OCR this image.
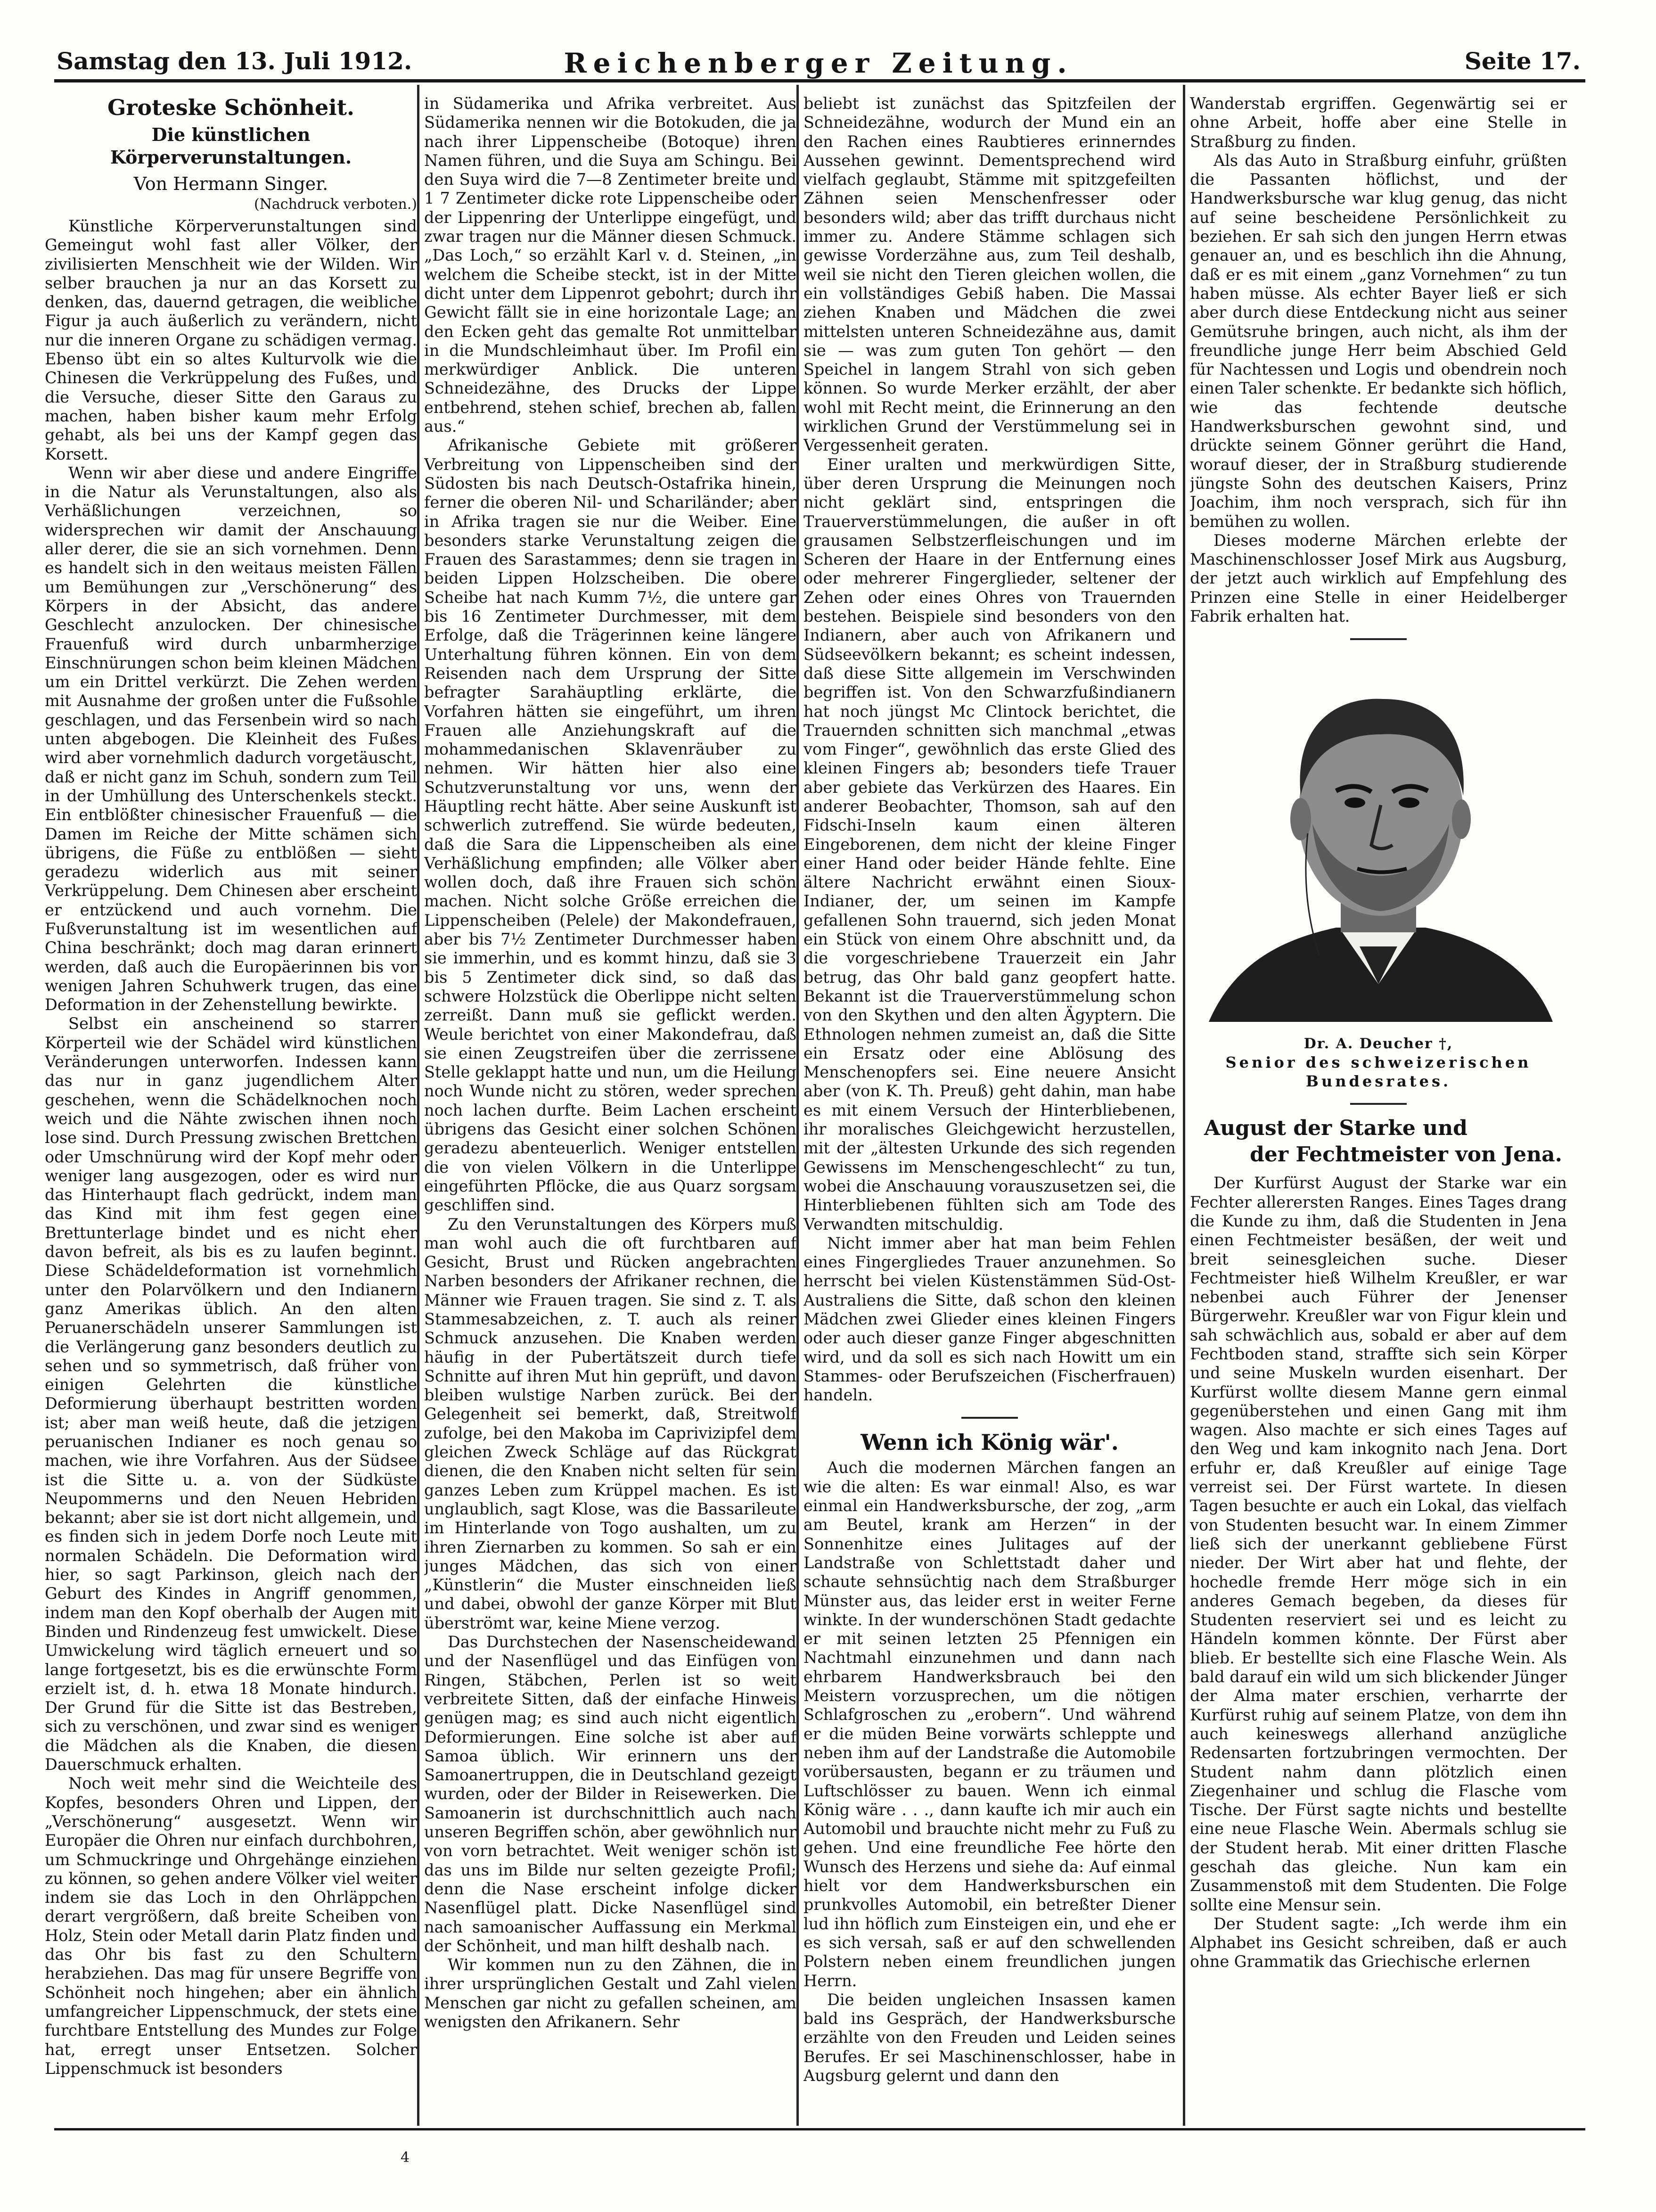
Samstag den 13. Juli 1912.	Reichenberger Zeitung.	Seite 17.
Groteske Schönheit.
Die künstlichen Körperverunstaltungen.
Von Hermann Singer.
(Nachdruck verboten.)

Künstliche Körperverunstaltungen sind Gemeingut wohl fast aller Völker, der zivilisierten Menschheit wie der Wilden. Wir selber brauchen ja nur an das Korsett zu denken, das, dauernd getragen, die weibliche Figur ja auch äußerlich zu verändern, nicht nur die inneren Organe zu schädigen vermag. Ebenso übt ein so altes Kulturvolk wie die Chinesen die Verkrüppelung des Fußes, und die Versuche, dieser Sitte den Garaus zu machen, haben bisher kaum mehr Erfolg gehabt, als bei uns der Kampf gegen das Korsett.

Wenn wir aber diese und andere Eingriffe in die Natur als Verunstaltungen, also als Verhäßlichungen verzeichnen, so widersprechen wir damit der Anschauung aller derer, die sie an sich vornehmen. Denn es handelt sich in den weitaus meisten Fällen um Bemühungen zur „Verschönerung“ des Körpers in der Absicht, das andere Geschlecht anzulocken. Der chinesische Frauenfuß wird durch unbarmherzige Einschnürungen schon beim kleinen Mädchen um ein Drittel verkürzt. Die Zehen werden mit Ausnahme der großen unter die Fußsohle geschlagen, und das Fersenbein wird so nach unten abgebogen. Die Kleinheit des Fußes wird aber vornehmlich dadurch vorgetäuscht, daß er nicht ganz im Schuh, sondern zum Teil in der Umhüllung des Unterschenkels steckt. Ein entblößter chinesischer Frauenfuß — die Damen im Reiche der Mitte schämen sich übrigens, die Füße zu entblößen — sieht geradezu widerlich aus mit seiner Verkrüppelung. Dem Chinesen aber erscheint er entzückend und auch vornehm. Die Fußverunstaltung ist im wesentlichen auf China beschränkt; doch mag daran erinnert werden, daß auch die Europäerinnen bis vor wenigen Jahren Schuhwerk trugen, das eine Deformation in der Zehenstellung bewirkte.

Selbst ein anscheinend so starrer Körperteil wie der Schädel wird künstlichen Veränderungen unterworfen. Indessen kann das nur in ganz jugendlichem Alter geschehen, wenn die Schädelknochen noch weich und die Nähte zwischen ihnen noch lose sind. Durch Pressung zwischen Brettchen oder Umschnürung wird der Kopf mehr oder weniger lang ausgezogen, oder es wird nur das Hinterhaupt flach gedrückt, indem man das Kind mit ihm fest gegen eine Brettunterlage bindet und es nicht eher davon befreit, als bis es zu laufen beginnt. Diese Schädeldeformation ist vornehmlich unter den Polarvölkern und den Indianern ganz Amerikas üblich. An den alten Peruanerschädeln unserer Sammlungen ist die Verlängerung ganz besonders deutlich zu sehen und so symmetrisch, daß früher von einigen Gelehrten die künstliche Deformierung überhaupt bestritten worden ist; aber man weiß heute, daß die jetzigen peruanischen Indianer es noch genau so machen, wie ihre Vorfahren. Aus der Südsee ist die Sitte u. a. von der Südküste Neupommerns und den Neuen Hebriden bekannt; aber sie ist dort nicht allgemein, und es finden sich in jedem Dorfe noch Leute mit normalen Schädeln. Die Deformation wird hier, so sagt Parkinson, gleich nach der Geburt des Kindes in Angriff genommen, indem man den Kopf oberhalb der Augen mit Binden und Rindenzeug fest umwickelt. Diese Umwickelung wird täglich erneuert und so lange fortgesetzt, bis es die erwünschte Form erzielt ist, d. h. etwa 18 Monate hindurch. Der Grund für die Sitte ist das Bestreben, sich zu verschönen, und zwar sind es weniger die Mädchen als die Knaben, die diesen Dauerschmuck erhalten.

Noch weit mehr sind die Weichteile des Kopfes, besonders Ohren und Lippen, der „Verschönerung“ ausgesetzt. Wenn wir Europäer die Ohren nur einfach durchbohren, um Schmuckringe und Ohrgehänge einziehen zu können, so gehen andere Völker viel weiter indem sie das Loch in den Ohrläppchen derart vergrößern, daß breite Scheiben von Holz, Stein oder Metall darin Platz finden und das Ohr bis fast zu den Schultern herabziehen. Das mag für unsere Begriffe von Schönheit noch hingehen; aber ein ähnlich umfangreicher Lippenschmuck, der stets eine furchtbare Entstellung des Mundes zur Folge hat, erregt unser Entsetzen. Solcher Lippenschmuck ist besonders

in Südamerika und Afrika verbreitet. Aus Südamerika nennen wir die Botokuden, die ja nach ihrer Lippenscheibe (Botoque) ihren Namen führen, und die Suya am Schingu. Bei den Suya wird die 7—8 Zentimeter breite und 1 7 Zentimeter dicke rote Lippenscheibe oder der Lippenring der Unterlippe eingefügt, und zwar tragen nur die Männer diesen Schmuck. „Das Loch,“ so erzählt Karl v. d. Steinen, „in welchem die Scheibe steckt, ist in der Mitte dicht unter dem Lippenrot gebohrt; durch ihr Gewicht fällt sie in eine horizontale Lage; an den Ecken geht das gemalte Rot unmittelbar in die Mundschleimhaut über. Im Profil ein merkwürdiger Anblick. Die unteren Schneidezähne, des Drucks der Lippe entbehrend, stehen schief, brechen ab, fallen aus.“

Afrikanische Gebiete mit größerer Verbreitung von Lippenscheiben sind der Südosten bis nach Deutsch-Ostafrika hinein, ferner die oberen Nil- und Schariländer; aber in Afrika tragen sie nur die Weiber. Eine besonders starke Verunstaltung zeigen die Frauen des Sarastammes; denn sie tragen in beiden Lippen Holzscheiben. Die obere Scheibe hat nach Kumm 7½, die untere gar bis 16 Zentimeter Durchmesser, mit dem Erfolge, daß die Trägerinnen keine längere Unterhaltung führen können. Ein von dem Reisenden nach dem Ursprung der Sitte befragter Sarahäuptling erklärte, die Vorfahren hätten sie eingeführt, um ihren Frauen alle Anziehungskraft auf die mohammedanischen Sklavenräuber zu nehmen. Wir hätten hier also eine Schutzverunstaltung vor uns, wenn der Häuptling recht hätte. Aber seine Auskunft ist schwerlich zutreffend. Sie würde bedeuten, daß die Sara die Lippenscheiben als eine Verhäßlichung empfinden; alle Völker aber wollen doch, daß ihre Frauen sich schön machen. Nicht solche Größe erreichen die Lippenscheiben (Pelele) der Makondefrauen, aber bis 7½ Zentimeter Durchmesser haben sie immerhin, und es kommt hinzu, daß sie 3 bis 5 Zentimeter dick sind, so daß das schwere Holzstück die Oberlippe nicht selten zerreißt. Dann muß sie geflickt werden. Weule berichtet von einer Makondefrau, daß sie einen Zeugstreifen über die zerrissene Stelle geklappt hatte und nun, um die Heilung noch Wunde nicht zu stören, weder sprechen noch lachen durfte. Beim Lachen erscheint übrigens das Gesicht einer solchen Schönen geradezu abenteuerlich. Weniger entstellen die von vielen Völkern in die Unterlippe eingeführten Pflöcke, die aus Quarz sorgsam geschliffen sind.

Zu den Verunstaltungen des Körpers muß man wohl auch die oft furchtbaren auf Gesicht, Brust und Rücken angebrachten Narben besonders der Afrikaner rechnen, die Männer wie Frauen tragen. Sie sind z. T. als Stammesabzeichen, z. T. auch als reiner Schmuck anzusehen. Die Knaben werden häufig in der Pubertätszeit durch tiefe Schnitte auf ihren Mut hin geprüft, und davon bleiben wulstige Narben zurück. Bei der Gelegenheit sei bemerkt, daß, Streitwolf zufolge, bei den Makoba im Caprivizipfel dem gleichen Zweck Schläge auf das Rückgrat dienen, die den Knaben nicht selten für sein ganzes Leben zum Krüppel machen. Es ist unglaublich, sagt Klose, was die Bassarileute im Hinterlande von Togo aushalten, um zu ihren Ziernarben zu kommen. So sah er ein junges Mädchen, das sich von einer „Künstlerin“ die Muster einschneiden ließ und dabei, obwohl der ganze Körper mit Blut überströmt war, keine Miene verzog.

Das Durchstechen der Nasenscheidewand und der Nasenflügel und das Einfügen von Ringen, Stäbchen, Perlen ist so weit verbreitete Sitten, daß der einfache Hinweis genügen mag; es sind auch nicht eigentlich Deformierungen. Eine solche ist aber auf Samoa üblich. Wir erinnern uns der Samoanertruppen, die in Deutschland gezeigt wurden, oder der Bilder in Reisewerken. Die Samoanerin ist durchschnittlich auch nach unseren Begriffen schön, aber gewöhnlich nur von vorn betrachtet. Weit weniger schön ist das uns im Bilde nur selten gezeigte Profil; denn die Nase erscheint infolge dicker Nasenflügel platt. Dicke Nasenflügel sind nach samoanischer Auffassung ein Merkmal der Schönheit, und man hilft deshalb nach.

Wir kommen nun zu den Zähnen, die in ihrer ursprünglichen Gestalt und Zahl vielen Menschen gar nicht zu gefallen scheinen, am wenigsten den Afrikanern. Sehr

beliebt ist zunächst das Spitzfeilen der Schneidezähne, wodurch der Mund ein an den Rachen eines Raubtieres erinnerndes Aussehen gewinnt. Dementsprechend wird vielfach geglaubt, Stämme mit spitzgefeilten Zähnen seien Menschenfresser oder besonders wild; aber das trifft durchaus nicht immer zu. Andere Stämme schlagen sich gewisse Vorderzähne aus, zum Teil deshalb, weil sie nicht den Tieren gleichen wollen, die ein vollständiges Gebiß haben. Die Massai ziehen Knaben und Mädchen die zwei mittelsten unteren Schneidezähne aus, damit sie — was zum guten Ton gehört — den Speichel in langem Strahl von sich geben können. So wurde Merker erzählt, der aber wohl mit Recht meint, die Erinnerung an den wirklichen Grund der Verstümmelung sei in Vergessenheit geraten.

Einer uralten und merkwürdigen Sitte, über deren Ursprung die Meinungen noch nicht geklärt sind, entspringen die Trauerverstümmelungen, die außer in oft grausamen Selbstzerfleischungen und im Scheren der Haare in der Entfernung eines oder mehrerer Fingerglieder, seltener der Zehen oder eines Ohres von Trauernden bestehen. Beispiele sind besonders von den Indianern, aber auch von Afrikanern und Südseevölkern bekannt; es scheint indessen, daß diese Sitte allgemein im Verschwinden begriffen ist. Von den Schwarzfußindianern hat noch jüngst Mc Clintock berichtet, die Trauernden schnitten sich manchmal „etwas vom Finger“, gewöhnlich das erste Glied des kleinen Fingers ab; besonders tiefe Trauer aber gebiete das Verkürzen des Haares. Ein anderer Beobachter, Thomson, sah auf den Fidschi-Inseln kaum einen älteren Eingeborenen, dem nicht der kleine Finger einer Hand oder beider Hände fehlte. Eine ältere Nachricht erwähnt einen Sioux-Indianer, der, um seinen im Kampfe gefallenen Sohn trauernd, sich jeden Monat ein Stück von einem Ohre abschnitt und, da die vorgeschriebene Trauerzeit ein Jahr betrug, das Ohr bald ganz geopfert hatte. Bekannt ist die Trauerverstümmelung schon von den Skythen und den alten Ägyptern. Die Ethnologen nehmen zumeist an, daß die Sitte ein Ersatz oder eine Ablösung des Menschenopfers sei. Eine neuere Ansicht aber (von K. Th. Preuß) geht dahin, man habe es mit einem Versuch der Hinterbliebenen, ihr moralisches Gleichgewicht herzustellen, mit der „ältesten Urkunde des sich regenden Gewissens im Menschengeschlecht“ zu tun, wobei die Anschauung vorauszusetzen sei, die Hinterbliebenen fühlten sich am Tode des Verwandten mitschuldig.

Nicht immer aber hat man beim Fehlen eines Fingergliedes Trauer anzunehmen. So herrscht bei vielen Küstenstämmen Süd-Ost-Australiens die Sitte, daß schon den kleinen Mädchen zwei Glieder eines kleinen Fingers oder auch dieser ganze Finger abgeschnitten wird, und da soll es sich nach Howitt um ein Stammes- oder Berufszeichen (Fischerfrauen) handeln.

Wenn ich König wär'.

Auch die modernen Märchen fangen an wie die alten: Es war einmal! Also, es war einmal ein Handwerksbursche, der zog, „arm am Beutel, krank am Herzen“ in der Sonnenhitze eines Julitages auf der Landstraße von Schlettstadt daher und schaute sehnsüchtig nach dem Straßburger Münster aus, das leider erst in weiter Ferne winkte. In der wunderschönen Stadt gedachte er mit seinen letzten 25 Pfennigen ein Nachtmahl einzunehmen und dann nach ehrbarem Handwerksbrauch bei den Meistern vorzusprechen, um die nötigen Schlafgroschen zu „erobern“. Und während er die müden Beine vorwärts schleppte und neben ihm auf der Landstraße die Automobile vorübersausten, begann er zu träumen und Luftschlösser zu bauen. Wenn ich einmal König wäre . . ., dann kaufte ich mir auch ein Automobil und brauchte nicht mehr zu Fuß zu gehen. Und eine freundliche Fee hörte den Wunsch des Herzens und siehe da: Auf einmal hielt vor dem Handwerksburschen ein prunkvolles Automobil, ein betreßter Diener lud ihn höflich zum Einsteigen ein, und ehe er es sich versah, saß er auf den schwellenden Polstern neben einem freundlichen jungen Herrn.

Die beiden ungleichen Insassen kamen bald ins Gespräch, der Handwerksbursche erzählte von den Freuden und Leiden seines Berufes. Er sei Maschinenschlosser, habe in Augsburg gelernt und dann den

Wanderstab ergriffen. Gegenwärtig sei er ohne Arbeit, hoffe aber eine Stelle in Straßburg zu finden.

Als das Auto in Straßburg einfuhr, grüßten die Passanten höflichst, und der Handwerksbursche war klug genug, das nicht auf seine bescheidene Persönlichkeit zu beziehen. Er sah sich den jungen Herrn etwas genauer an, und es beschlich ihn die Ahnung, daß er es mit einem „ganz Vornehmen“ zu tun haben müsse. Als echter Bayer ließ er sich aber durch diese Entdeckung nicht aus seiner Gemütsruhe bringen, auch nicht, als ihm der freundliche junge Herr beim Abschied Geld für Nachtessen und Logis und obendrein noch einen Taler schenkte. Er bedankte sich höflich, wie das fechtende deutsche Handwerksburschen gewohnt sind, und drückte seinem Gönner gerührt die Hand, worauf dieser, der in Straßburg studierende jüngste Sohn des deutschen Kaisers, Prinz Joachim, ihm noch versprach, sich für ihn bemühen zu wollen.

Dieses moderne Märchen erlebte der Maschinenschlosser Josef Mirk aus Augsburg, der jetzt auch wirklich auf Empfehlung des Prinzen eine Stelle in einer Heidelberger Fabrik erhalten hat.

Dr. A. Deucher †,
Senior des schweizerischen Bundesrates.
August der Starke und
der Fechtmeister von Jena.

Der Kurfürst August der Starke war ein Fechter allerersten Ranges. Eines Tages drang die Kunde zu ihm, daß die Studenten in Jena einen Fechtmeister besäßen, der weit und breit seinesgleichen suche. Dieser Fechtmeister hieß Wilhelm Kreußler, er war nebenbei auch Führer der Jenenser Bürgerwehr. Kreußler war von Figur klein und sah schwächlich aus, sobald er aber auf dem Fechtboden stand, straffte sich sein Körper und seine Muskeln wurden eisenhart. Der Kurfürst wollte diesem Manne gern einmal gegenüberstehen und einen Gang mit ihm wagen. Also machte er sich eines Tages auf den Weg und kam inkognito nach Jena. Dort erfuhr er, daß Kreußler auf einige Tage verreist sei. Der Fürst wartete. In diesen Tagen besuchte er auch ein Lokal, das vielfach von Studenten besucht war. In einem Zimmer ließ sich der unerkannt gebliebene Fürst nieder. Der Wirt aber hat und flehte, der hochedle fremde Herr möge sich in ein anderes Gemach begeben, da dieses für Studenten reserviert sei und es leicht zu Händeln kommen könnte. Der Fürst aber blieb. Er bestellte sich eine Flasche Wein. Als bald darauf ein wild um sich blickender Jünger der Alma mater erschien, verharrte der Kurfürst ruhig auf seinem Platze, von dem ihn auch keineswegs allerhand anzügliche Redensarten fortzubringen vermochten. Der Student nahm dann plötzlich einen Ziegenhainer und schlug die Flasche vom Tische. Der Fürst sagte nichts und bestellte eine neue Flasche Wein. Abermals schlug sie der Student herab. Mit einer dritten Flasche geschah das gleiche. Nun kam ein Zusammenstoß mit dem Studenten. Die Folge sollte eine Mensur sein.

Der Student sagte: „Ich werde ihm ein Alphabet ins Gesicht schreiben, daß er auch ohne Grammatik das Griechische erlernen

4
